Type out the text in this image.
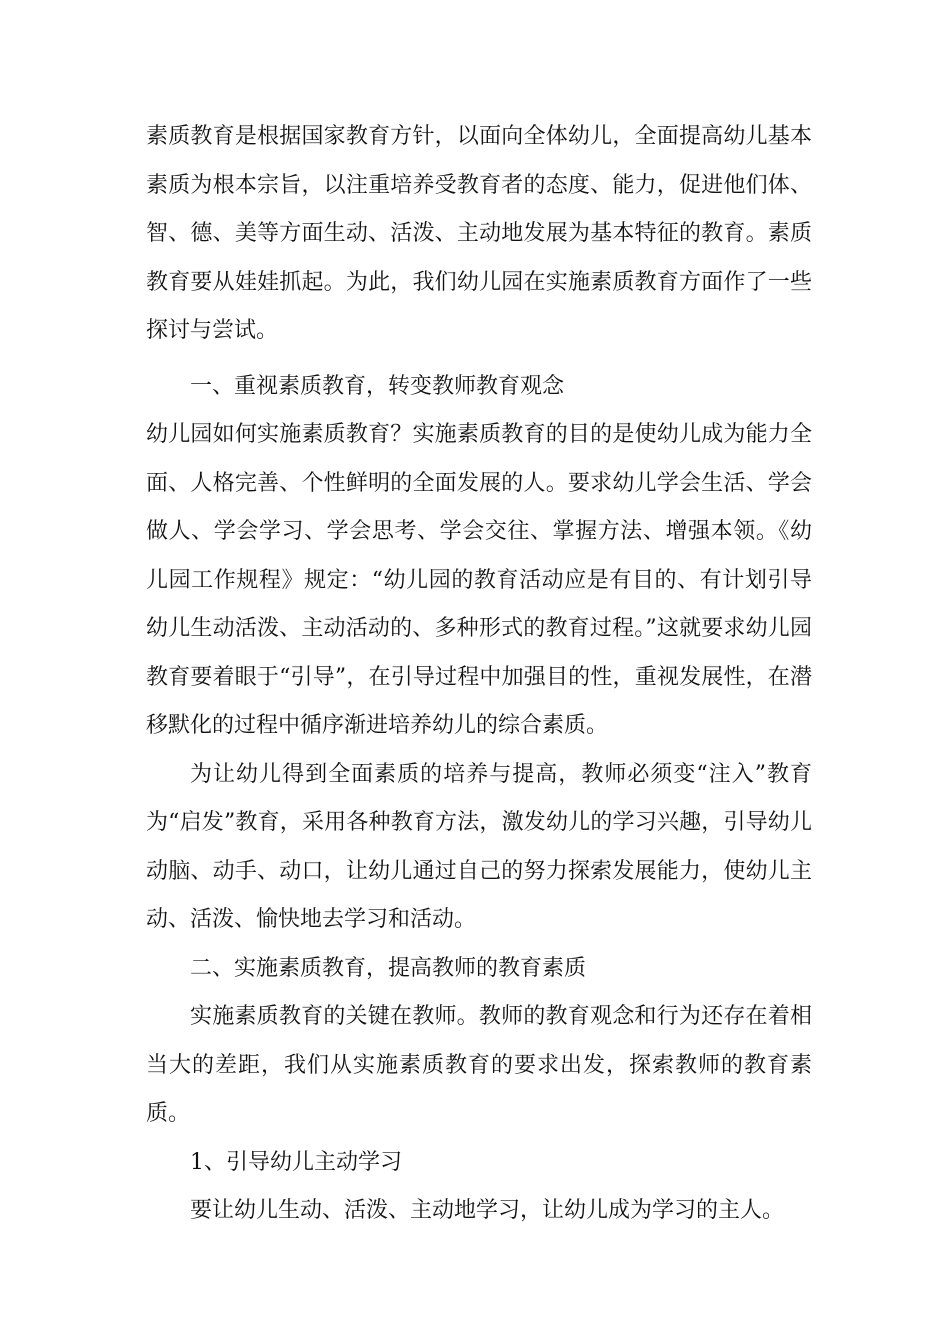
素质教育是根据国家教育方针，以面向全体幼儿，全面提高幼儿基本素质为根本宗旨，以注重培养受教育者的态度、能力，促进他们体、智、德、美等方面生动、活泼、主动地发展为基本特征的教育。素质教育要从娃娃抓起。为此，我们幼儿园在实施素质教育方面作了一些探讨与尝试。

一、重视素质教育，转变教师教育观念

幼儿园如何实施素质教育？实施素质教育的目的是使幼儿成为能力全面、人格完善、个性鲜明的全面发展的人。要求幼儿学会生活、学会做人、学会学习、学会思考、学会交往、掌握方法、增强本领。《幼儿园工作规程》规定：“幼儿园的教育活动应是有目的、有计划引导幼儿生动活泼、主动活动的、多种形式的教育过程。”这就要求幼儿园教育要着眼于“引导”，在引导过程中加强目的性，重视发展性，在潜移默化的过程中循序渐进培养幼儿的综合素质。

为让幼儿得到全面素质的培养与提高，教师必须变“注入”教育为“启发”教育，采用各种教育方法，激发幼儿的学习兴趣，引导幼儿动脑、动手、动口，让幼儿通过自己的努力探索发展能力，使幼儿主动、活泼、愉快地去学习和活动。

二、实施素质教育，提高教师的教育素质

实施素质教育的关键在教师。教师的教育观念和行为还存在着相当大的差距，我们从实施素质教育的要求出发，探索教师的教育素质。

1、引导幼儿主动学习

要让幼儿生动、活泼、主动地学习，让幼儿成为学习的主人。
